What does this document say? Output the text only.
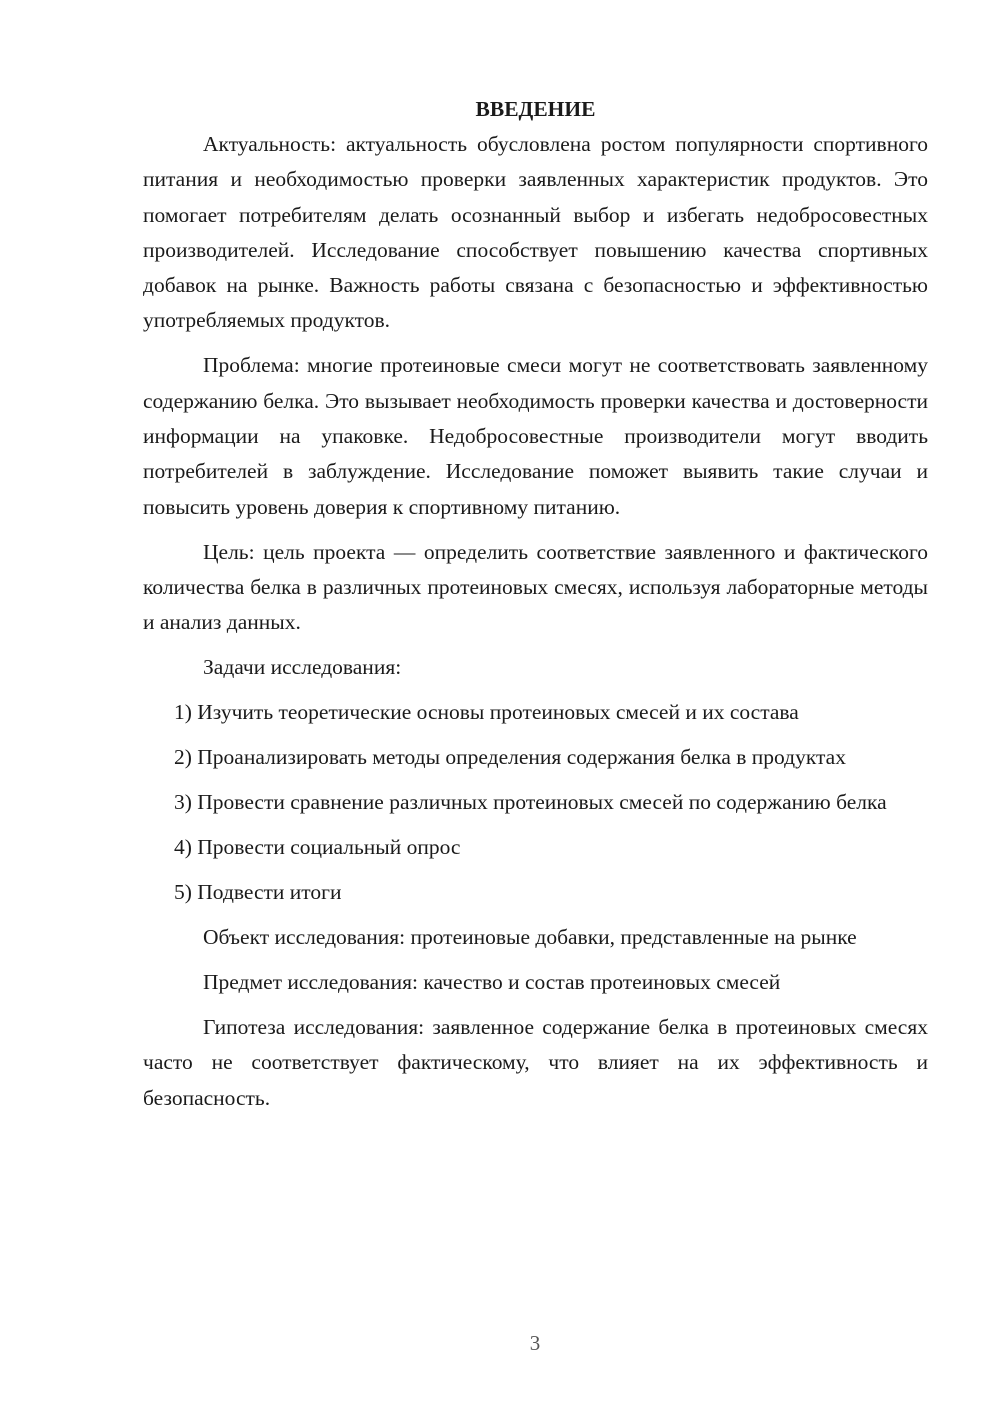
ВВЕДЕНИЕ

Актуальность: актуальность обусловлена ростом популярности спортивного питания и необходимостью проверки заявленных характеристик продуктов. Это помогает потребителям делать осознанный выбор и избегать недобросовестных производителей. Исследование способствует повышению качества спортивных добавок на рынке. Важность работы связана с безопасностью и эффективностью употребляемых продуктов.

Проблема: многие протеиновые смеси могут не соответствовать заявленному содержанию белка. Это вызывает необходимость проверки качества и достоверности информации на упаковке. Недобросовестные производители могут вводить потребителей в заблуждение. Исследование поможет выявить такие случаи и повысить уровень доверия к спортивному питанию.

Цель: цель проекта — определить соответствие заявленного и фактического количества белка в различных протеиновых смесях, используя лабораторные методы и анализ данных.

Задачи исследования:

1) Изучить теоретические основы протеиновых смесей и их состава

2) Проанализировать методы определения содержания белка в продуктах

3) Провести сравнение различных протеиновых смесей по содержанию белка

4) Провести социальный опрос

5) Подвести итоги

Объект исследования: протеиновые добавки, представленные на рынке

Предмет исследования: качество и состав протеиновых смесей

Гипотеза исследования: заявленное содержание белка в протеиновых смесях часто не соответствует фактическому, что влияет на их эффективность и безопасность.

3
